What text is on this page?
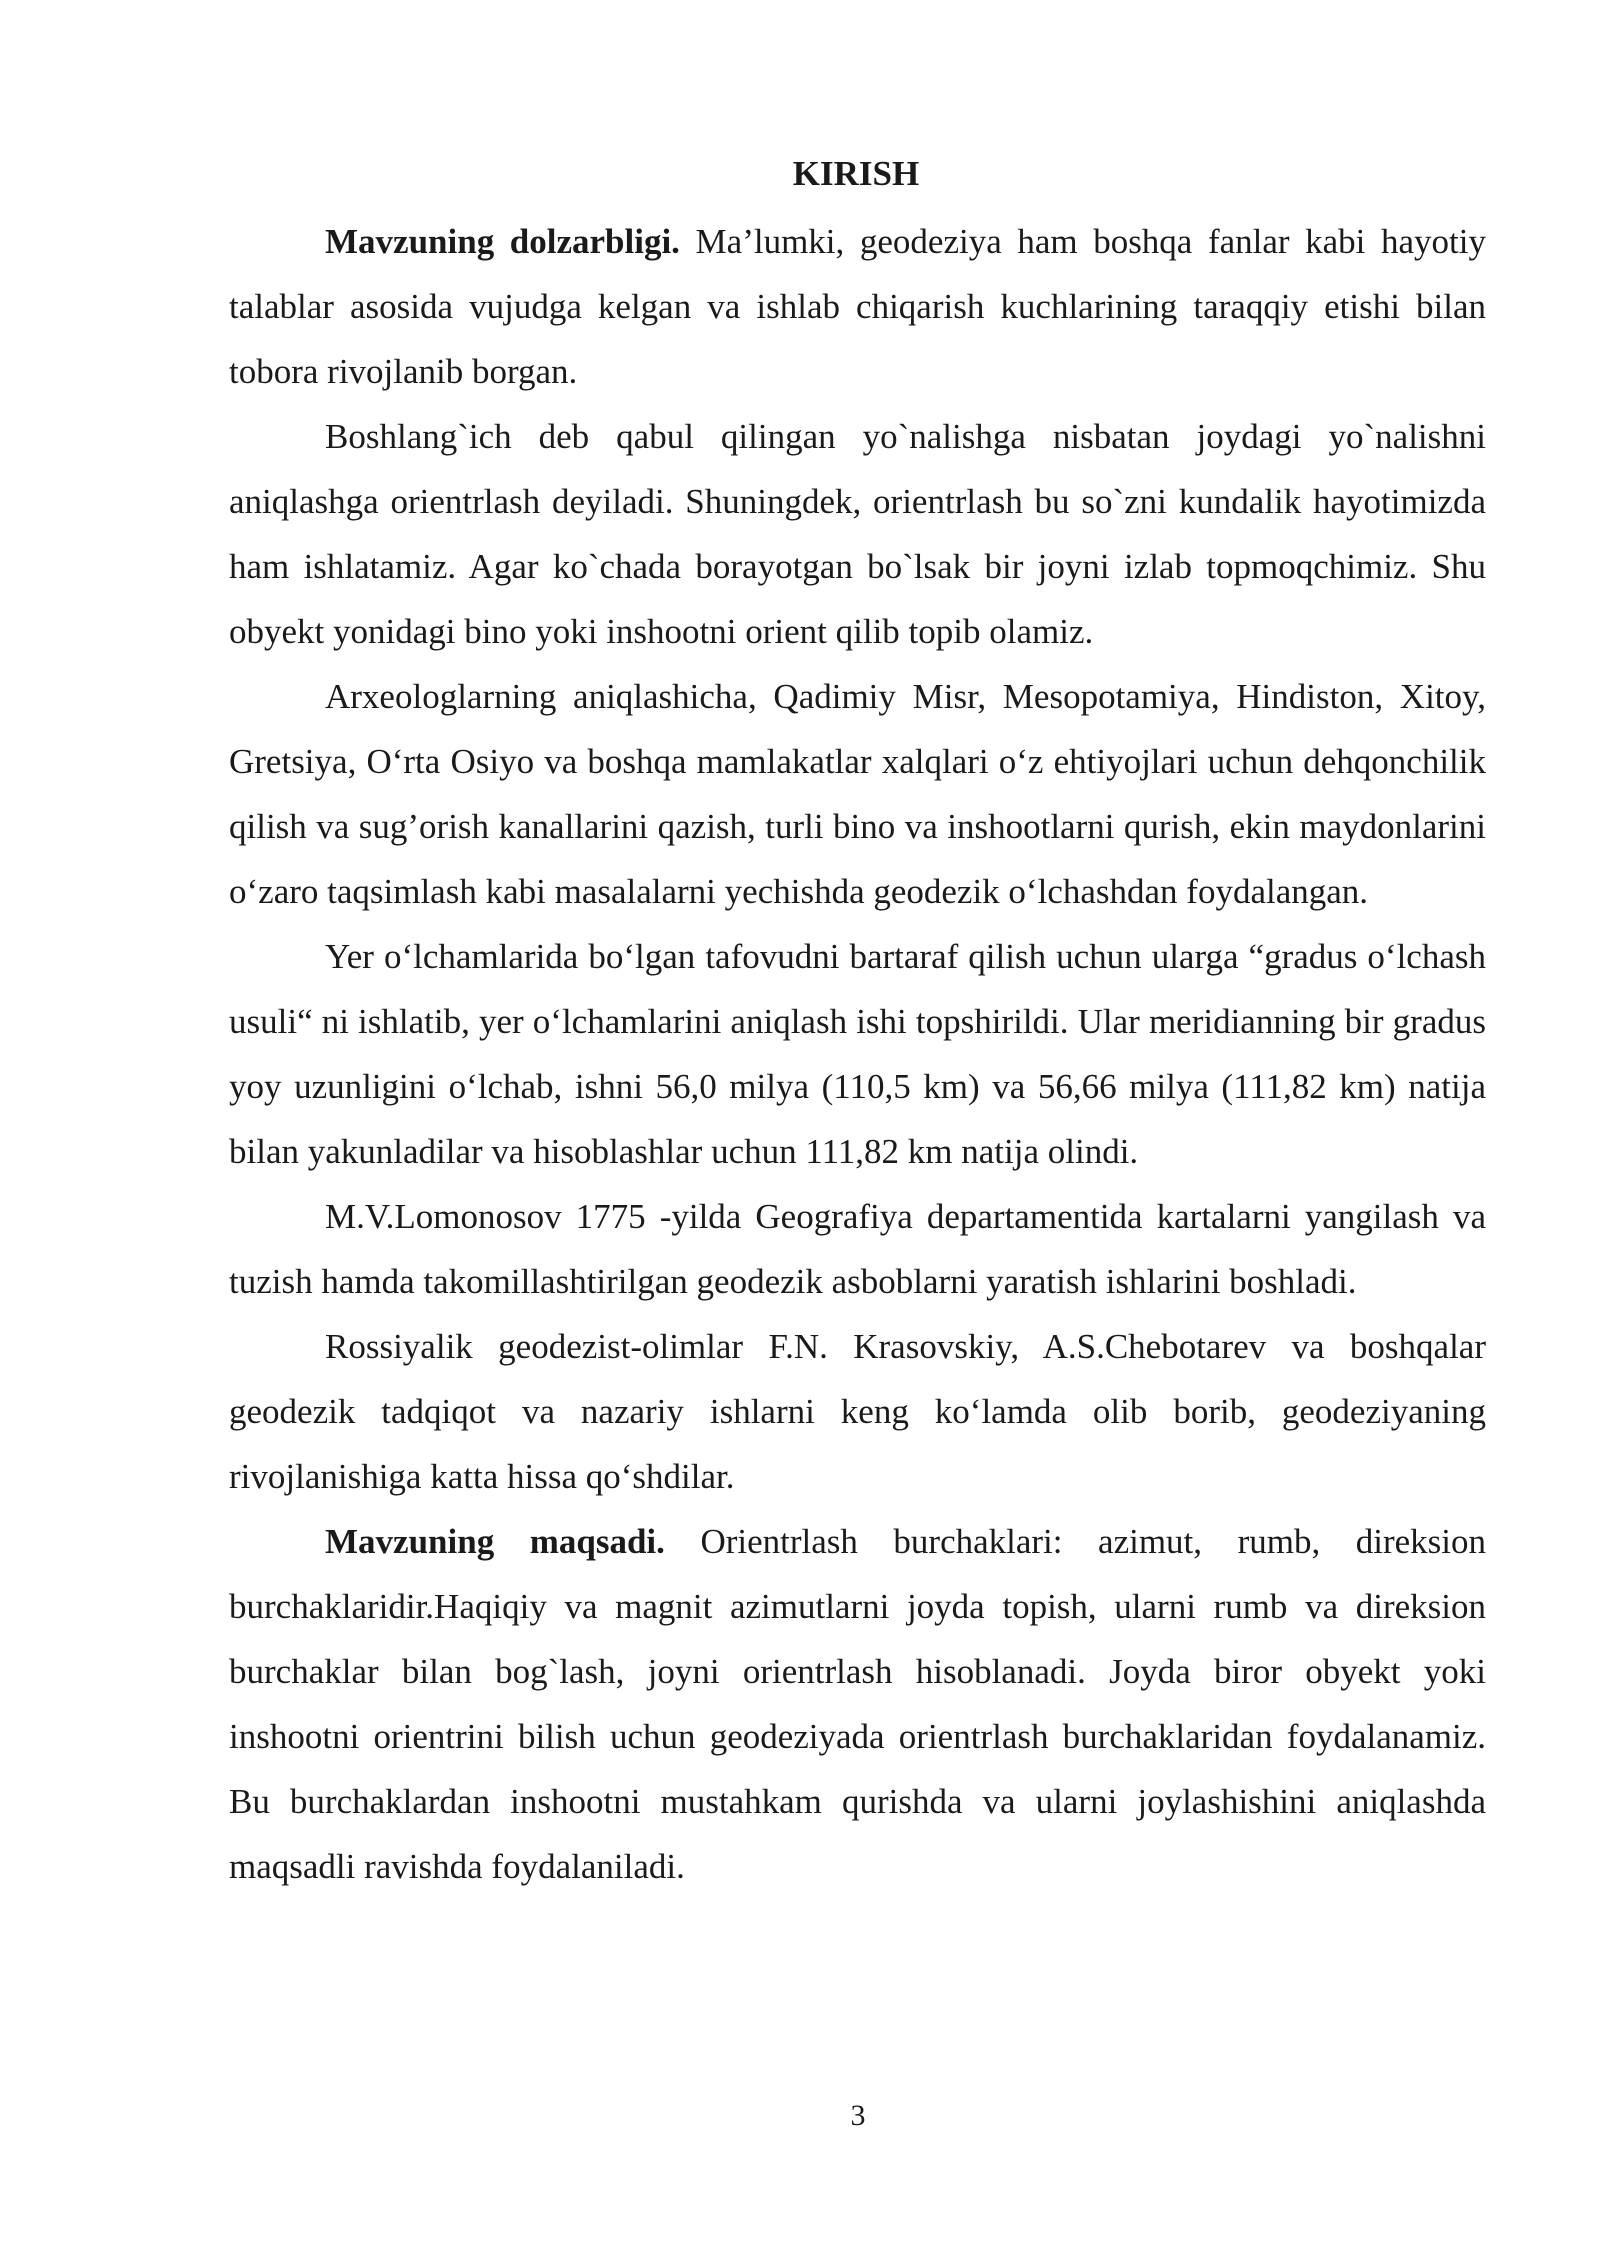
KIRISH

Mavzuning dolzarbligi. Ma’lumki, geodeziya ham boshqa fanlar kabi hayotiy talablar asosida vujudga kelgan va ishlab chiqarish kuchlarining taraqqiy etishi bilan tobora rivojlanib borgan.

Boshlang`ich deb qabul qilingan yo`nalishga nisbatan joydagi yo`nalishni aniqlashga orientrlash deyiladi. Shuningdek, orientrlash bu so`zni kundalik hayotimizda ham ishlatamiz. Agar ko`chada borayotgan bo`lsak bir joyni izlab topmoqchimiz. Shu obyekt yonidagi bino yoki inshootni orient qilib topib olamiz.

Arxeologlarning aniqlashicha, Qadimiy Misr, Mesopotamiya, Hindiston, Xitoy, Gretsiya, O‘rta Osiyo va boshqa mamlakatlar xalqlari o‘z ehtiyojlari uchun dehqonchilik qilish va sug’orish kanallarini qazish, turli bino va inshootlarni qurish, ekin maydonlarini o‘zaro taqsimlash kabi masalalarni yechishda geodezik o‘lchashdan foydalangan.

Yer o‘lchamlarida bo‘lgan tafovudni bartaraf qilish uchun ularga “gradus o‘lchash usuli“ ni ishlatib, yer o‘lchamlarini aniqlash ishi topshirildi. Ular meridianning bir gradus yoy uzunligini o‘lchab, ishni 56,0 milya (110,5 km) va 56,66 milya (111,82 km) natija bilan yakunladilar va hisoblashlar uchun 111,82 km natija olindi.

M.V.Lomonosov 1775 -yilda Geografiya departamentida kartalarni yangilash va tuzish hamda takomillashtirilgan geodezik asboblarni yaratish ishlarini boshladi.

Rossiyalik geodezist-olimlar F.N. Krasovskiy, A.S.Chebotarev va boshqalar geodezik tadqiqot va nazariy ishlarni keng ko‘lamda olib borib, geodeziyaning rivojlanishiga katta hissa qo‘shdilar.

Mavzuning maqsadi. Orientrlash burchaklari: azimut, rumb, direksion burchaklaridir.Haqiqiy va magnit azimutlarni joyda topish, ularni rumb va direksion burchaklar bilan bog`lash, joyni orientrlash hisoblanadi. Joyda biror obyekt yoki inshootni orientrini bilish uchun geodeziyada orientrlash burchaklaridan foydalanamiz. Bu burchaklardan inshootni mustahkam qurishda va ularni joylashishini aniqlashda maqsadli ravishda foydalaniladi.

3
